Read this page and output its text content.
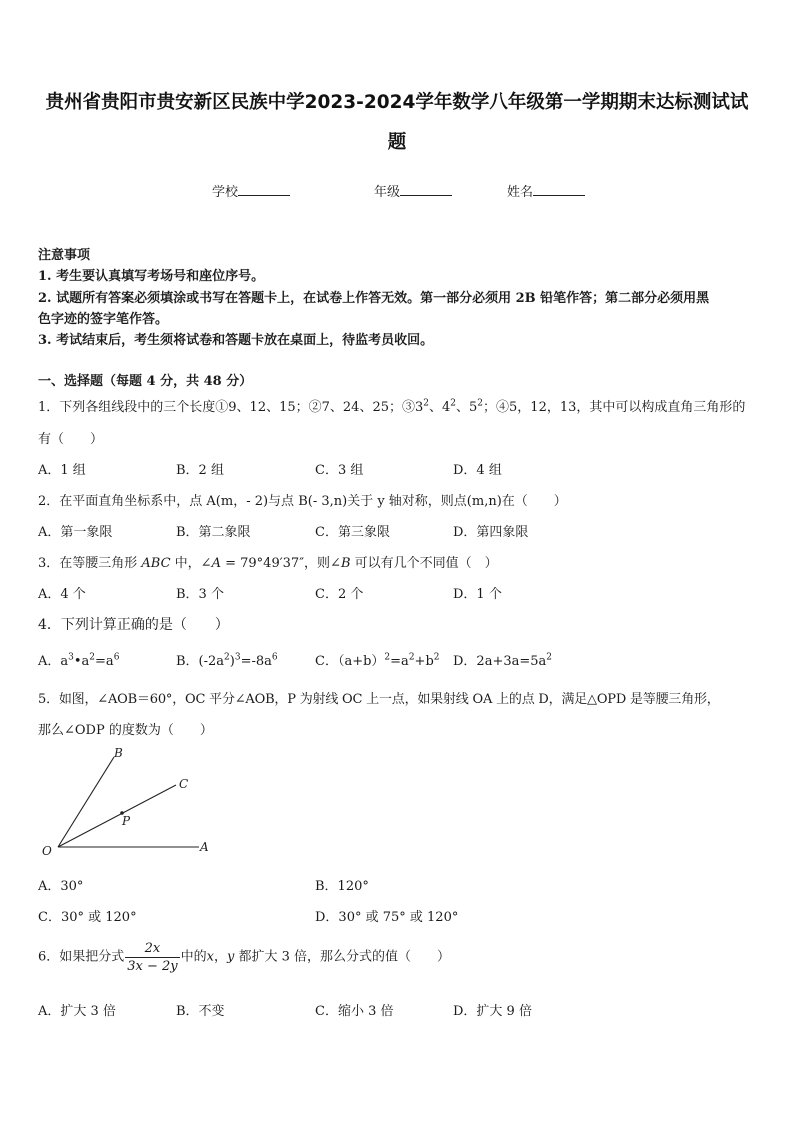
贵州省贵阳市贵安新区民族中学2023-2024学年数学八年级第一学期期末达标测试试
题
学校	年级	姓名
注意事项
1. 考生要认真填写考场号和座位序号。
2. 试题所有答案必须填涂或书写在答题卡上，在试卷上作答无效。第一部分必须用 2B 铅笔作答；第二部分必须用黑
色字迹的签字笔作答。
3. 考试结束后，考生须将试卷和答题卡放在桌面上，待监考员收回。
一、选择题（每题 4 分，共 48 分）
1．下列各组线段中的三个长度①9、12、15；②7、24、25；$③3^2$、$4^2$、$5^2$；④5，12，13，其中可以构成直角三角形的
有（　　）
A．1 组	B．2 组	C．3 组	D．4 组
2．在平面直角坐标系中，点 A(m，- 2)与点 B(- 3,n)关于 y 轴对称，则点(m,n)在（　　）
A．第一象限	B．第二象限	C．第三象限	D．第四象限
3．在等腰三角形 ABC 中，∠A = 79°49′37″，则∠B 可以有几个不同值（　）
A．4 个	B．3 个	C．2 个	D．1 个
4．下列计算正确的是（　　）
A．$a^3•a^2=a^6$	B．$(-2a^2)^3=-8a^6$	C．$(a+b)^2=a^2+b^2$ D．$2a+3a=5a^2$
5．如图，∠AOB＝60°，OC 平分∠AOB，P 为射线 OC 上一点，如果射线 OA 上的点 D，满足△OPD 是等腰三角形，
那么∠ODP 的度数为（　　）
B
C
P
O	A
A．30°	B．120°
C．30° 或 120°	D．30° 或 75° 或 120°
6．如果把分式 $\frac{2x}{3x - 2y}$ 中的x，y 都扩大 3 倍，那么分式的值（　　）
A．扩大 3 倍	B．不变	C．缩小 3 倍	D．扩大 9 倍
